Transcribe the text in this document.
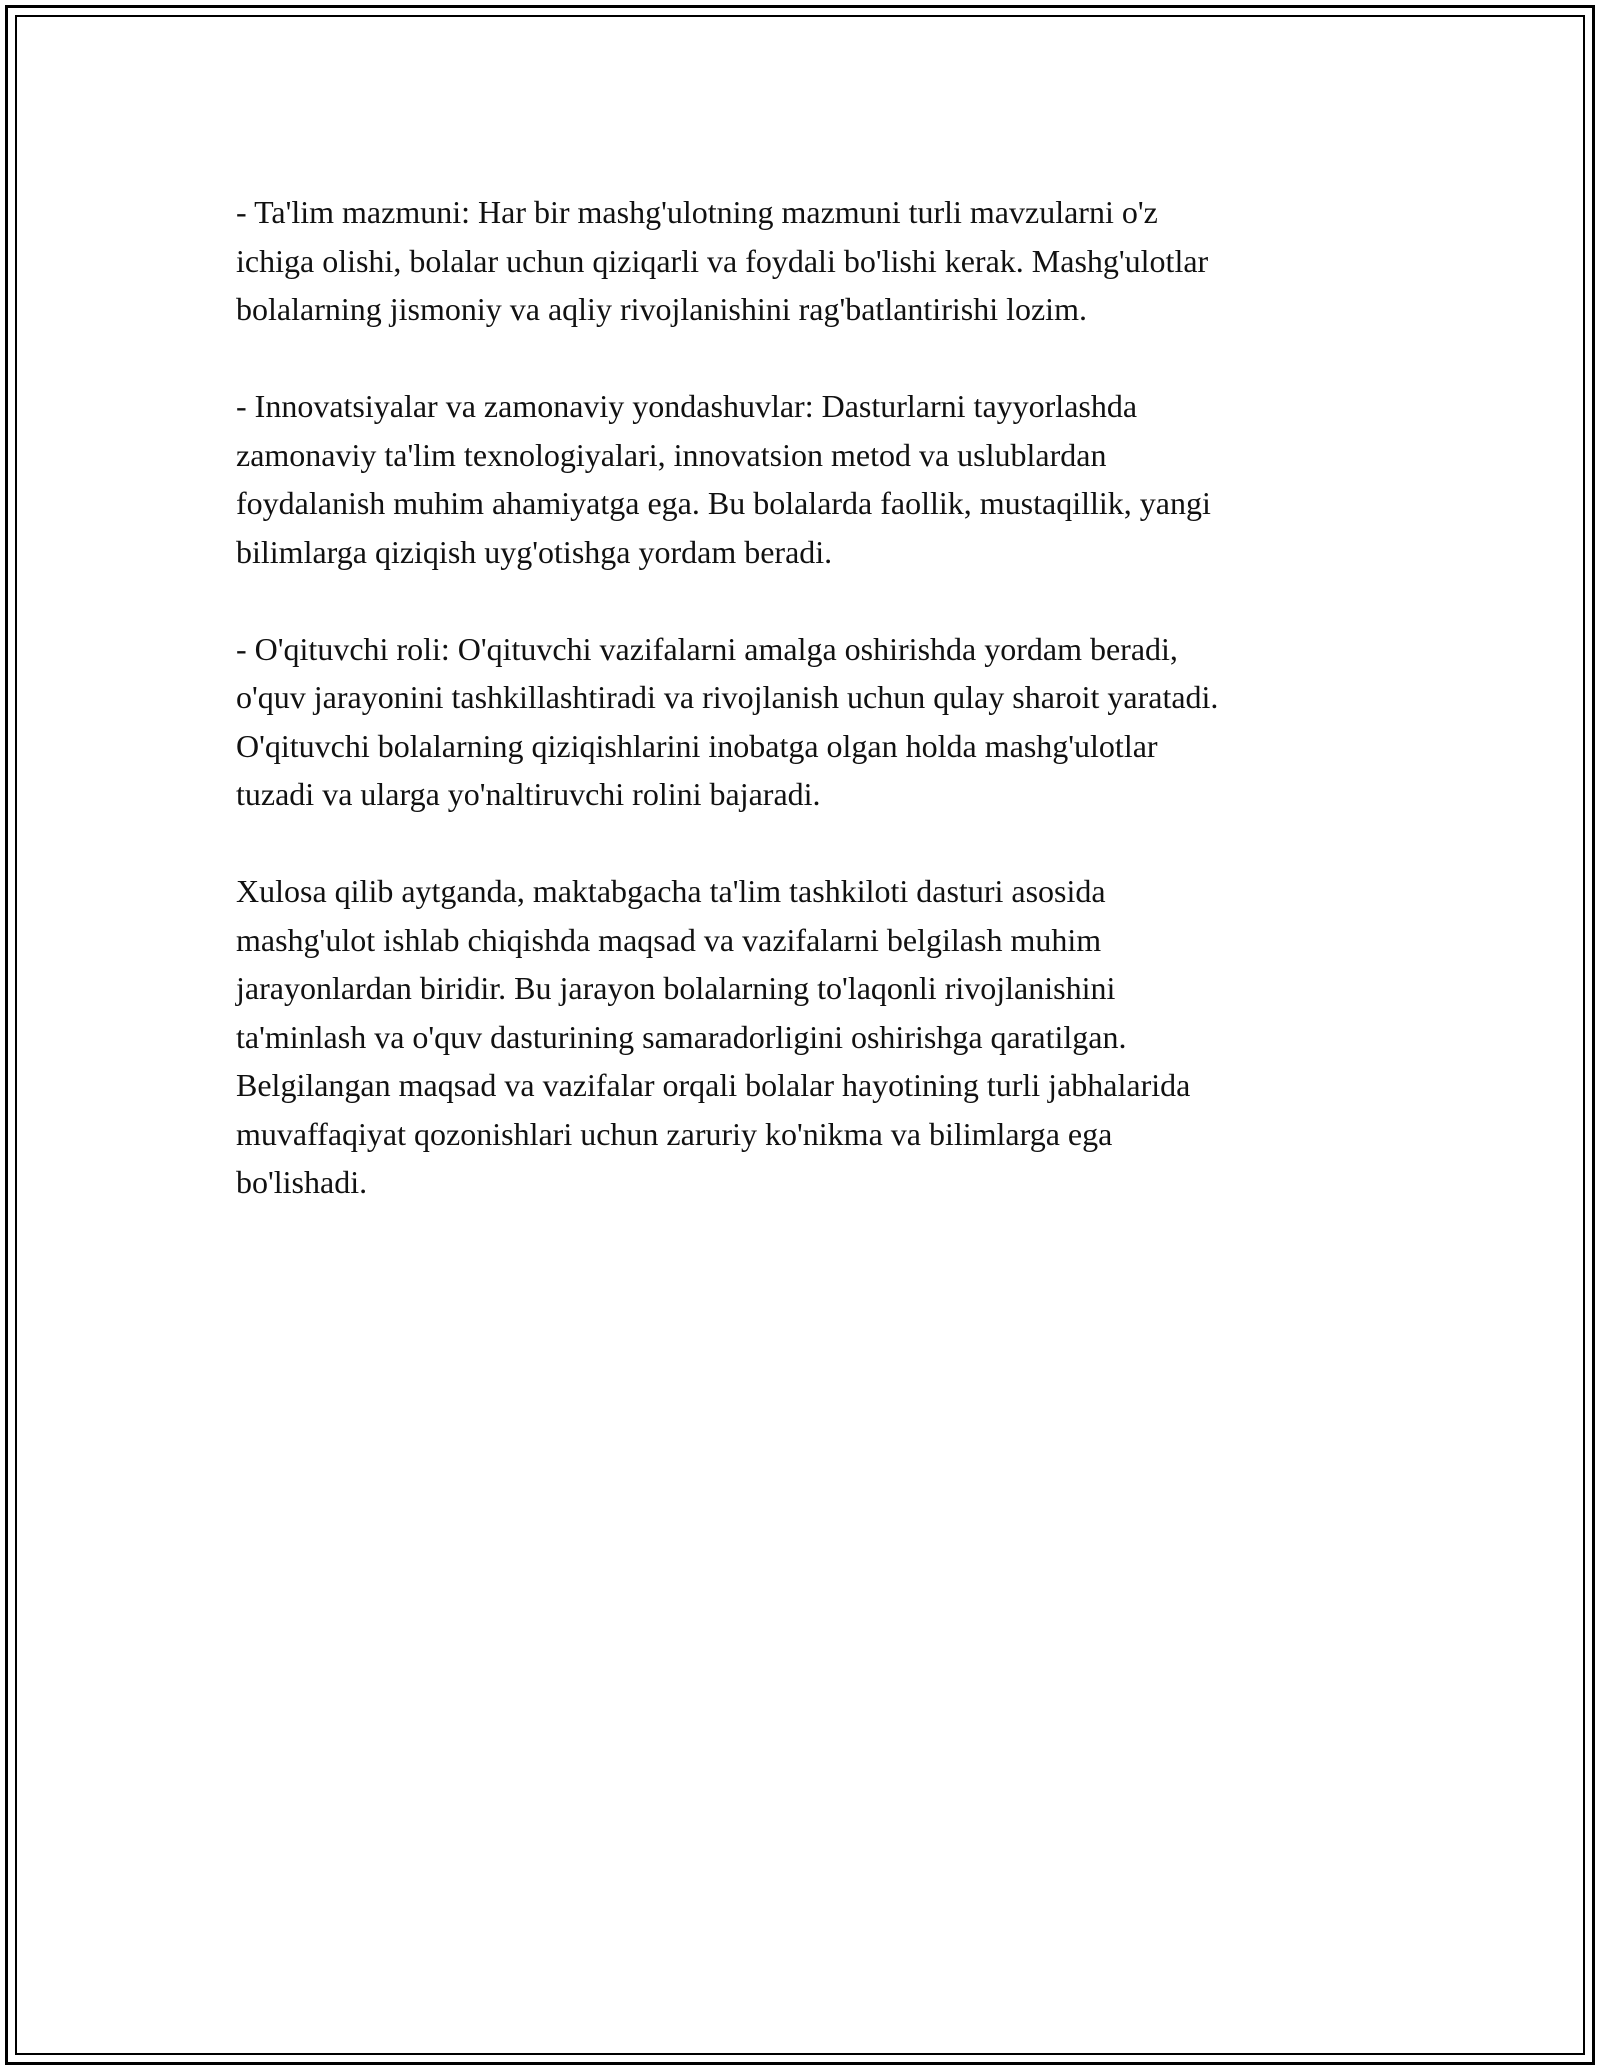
- Ta'lim mazmuni: Har bir mashg'ulotning mazmuni turli mavzularni o'z
ichiga olishi, bolalar uchun qiziqarli va foydali bo'lishi kerak. Mashg'ulotlar
bolalarning jismoniy va aqliy rivojlanishini rag'batlantirishi lozim.

- Innovatsiyalar va zamonaviy yondashuvlar: Dasturlarni tayyorlashda
zamonaviy ta'lim texnologiyalari, innovatsion metod va uslublardan
foydalanish muhim ahamiyatga ega. Bu bolalarda faollik, mustaqillik, yangi
bilimlarga qiziqish uyg'otishga yordam beradi.

- O'qituvchi roli: O'qituvchi vazifalarni amalga oshirishda yordam beradi,
o'quv jarayonini tashkillashtiradi va rivojlanish uchun qulay sharoit yaratadi.
O'qituvchi bolalarning qiziqishlarini inobatga olgan holda mashg'ulotlar
tuzadi va ularga yo'naltiruvchi rolini bajaradi.

Xulosa qilib aytganda, maktabgacha ta'lim tashkiloti dasturi asosida
mashg'ulot ishlab chiqishda maqsad va vazifalarni belgilash muhim
jarayonlardan biridir. Bu jarayon bolalarning to'laqonli rivojlanishini
ta'minlash va o'quv dasturining samaradorligini oshirishga qaratilgan.
Belgilangan maqsad va vazifalar orqali bolalar hayotining turli jabhalarida
muvaffaqiyat qozonishlari uchun zaruriy ko'nikma va bilimlarga ega
bo'lishadi.
